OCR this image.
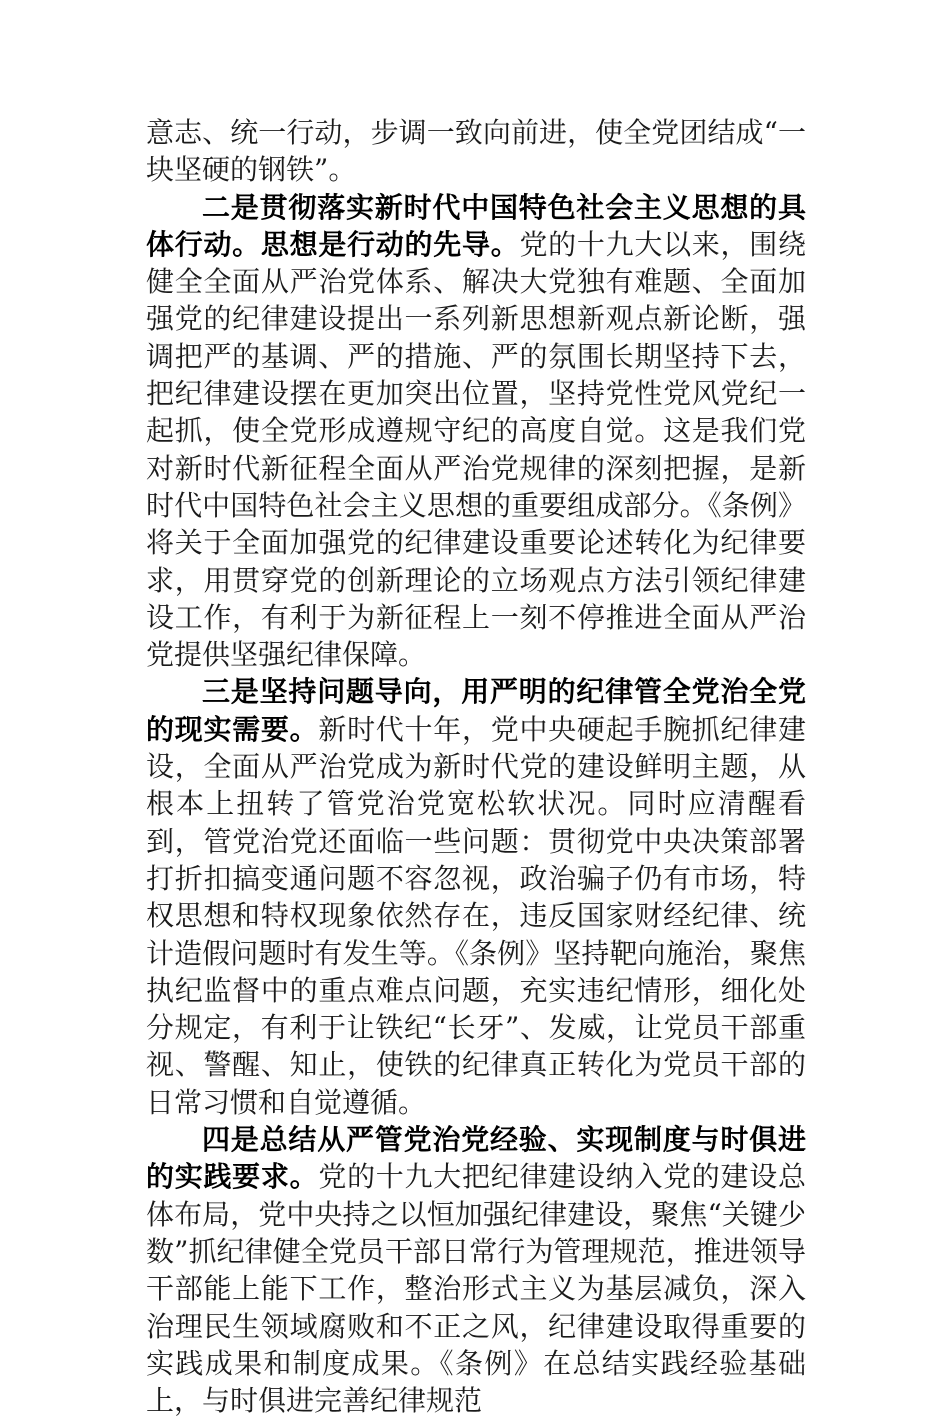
意志、统一行动，步调一致向前进，使全党团结成“一块坚硬的钢铁”。

二是贯彻落实新时代中国特色社会主义思想的具体行动。思想是行动的先导。党的十九大以来，围绕健全全面从严治党体系、解决大党独有难题、全面加强党的纪律建设提出一系列新思想新观点新论断，强调把严的基调、严的措施、严的氛围长期坚持下去，把纪律建设摆在更加突出位置，坚持党性党风党纪一起抓，使全党形成遵规守纪的高度自觉。这是我们党对新时代新征程全面从严治党规律的深刻把握，是新时代中国特色社会主义思想的重要组成部分。《条例》将关于全面加强党的纪律建设重要论述转化为纪律要求，用贯穿党的创新理论的立场观点方法引领纪律建设工作，有利于为新征程上一刻不停推进全面从严治党提供坚强纪律保障。

三是坚持问题导向，用严明的纪律管全党治全党的现实需要。新时代十年，党中央硬起手腕抓纪律建设，全面从严治党成为新时代党的建设鲜明主题，从根本上扭转了管党治党宽松软状况。同时应清醒看到，管党治党还面临一些问题：贯彻党中央决策部署打折扣搞变通问题不容忽视，政治骗子仍有市场，特权思想和特权现象依然存在，违反国家财经纪律、统计造假问题时有发生等。《条例》坚持靶向施治，聚焦执纪监督中的重点难点问题，充实违纪情形，细化处分规定，有利于让铁纪“长牙”、发威，让党员干部重视、警醒、知止，使铁的纪律真正转化为党员干部的日常习惯和自觉遵循。

四是总结从严管党治党经验、实现制度与时俱进的实践要求。党的十九大把纪律建设纳入党的建设总体布局，党中央持之以恒加强纪律建设，聚焦“关键少数”抓纪律健全党员干部日常行为管理规范，推进领导干部能上能下工作，整治形式主义为基层减负，深入治理民生领域腐败和不正之风，纪律建设取得重要的实践成果和制度成果。《条例》在总结实践经验基础上，与时俱进完善纪律规范
